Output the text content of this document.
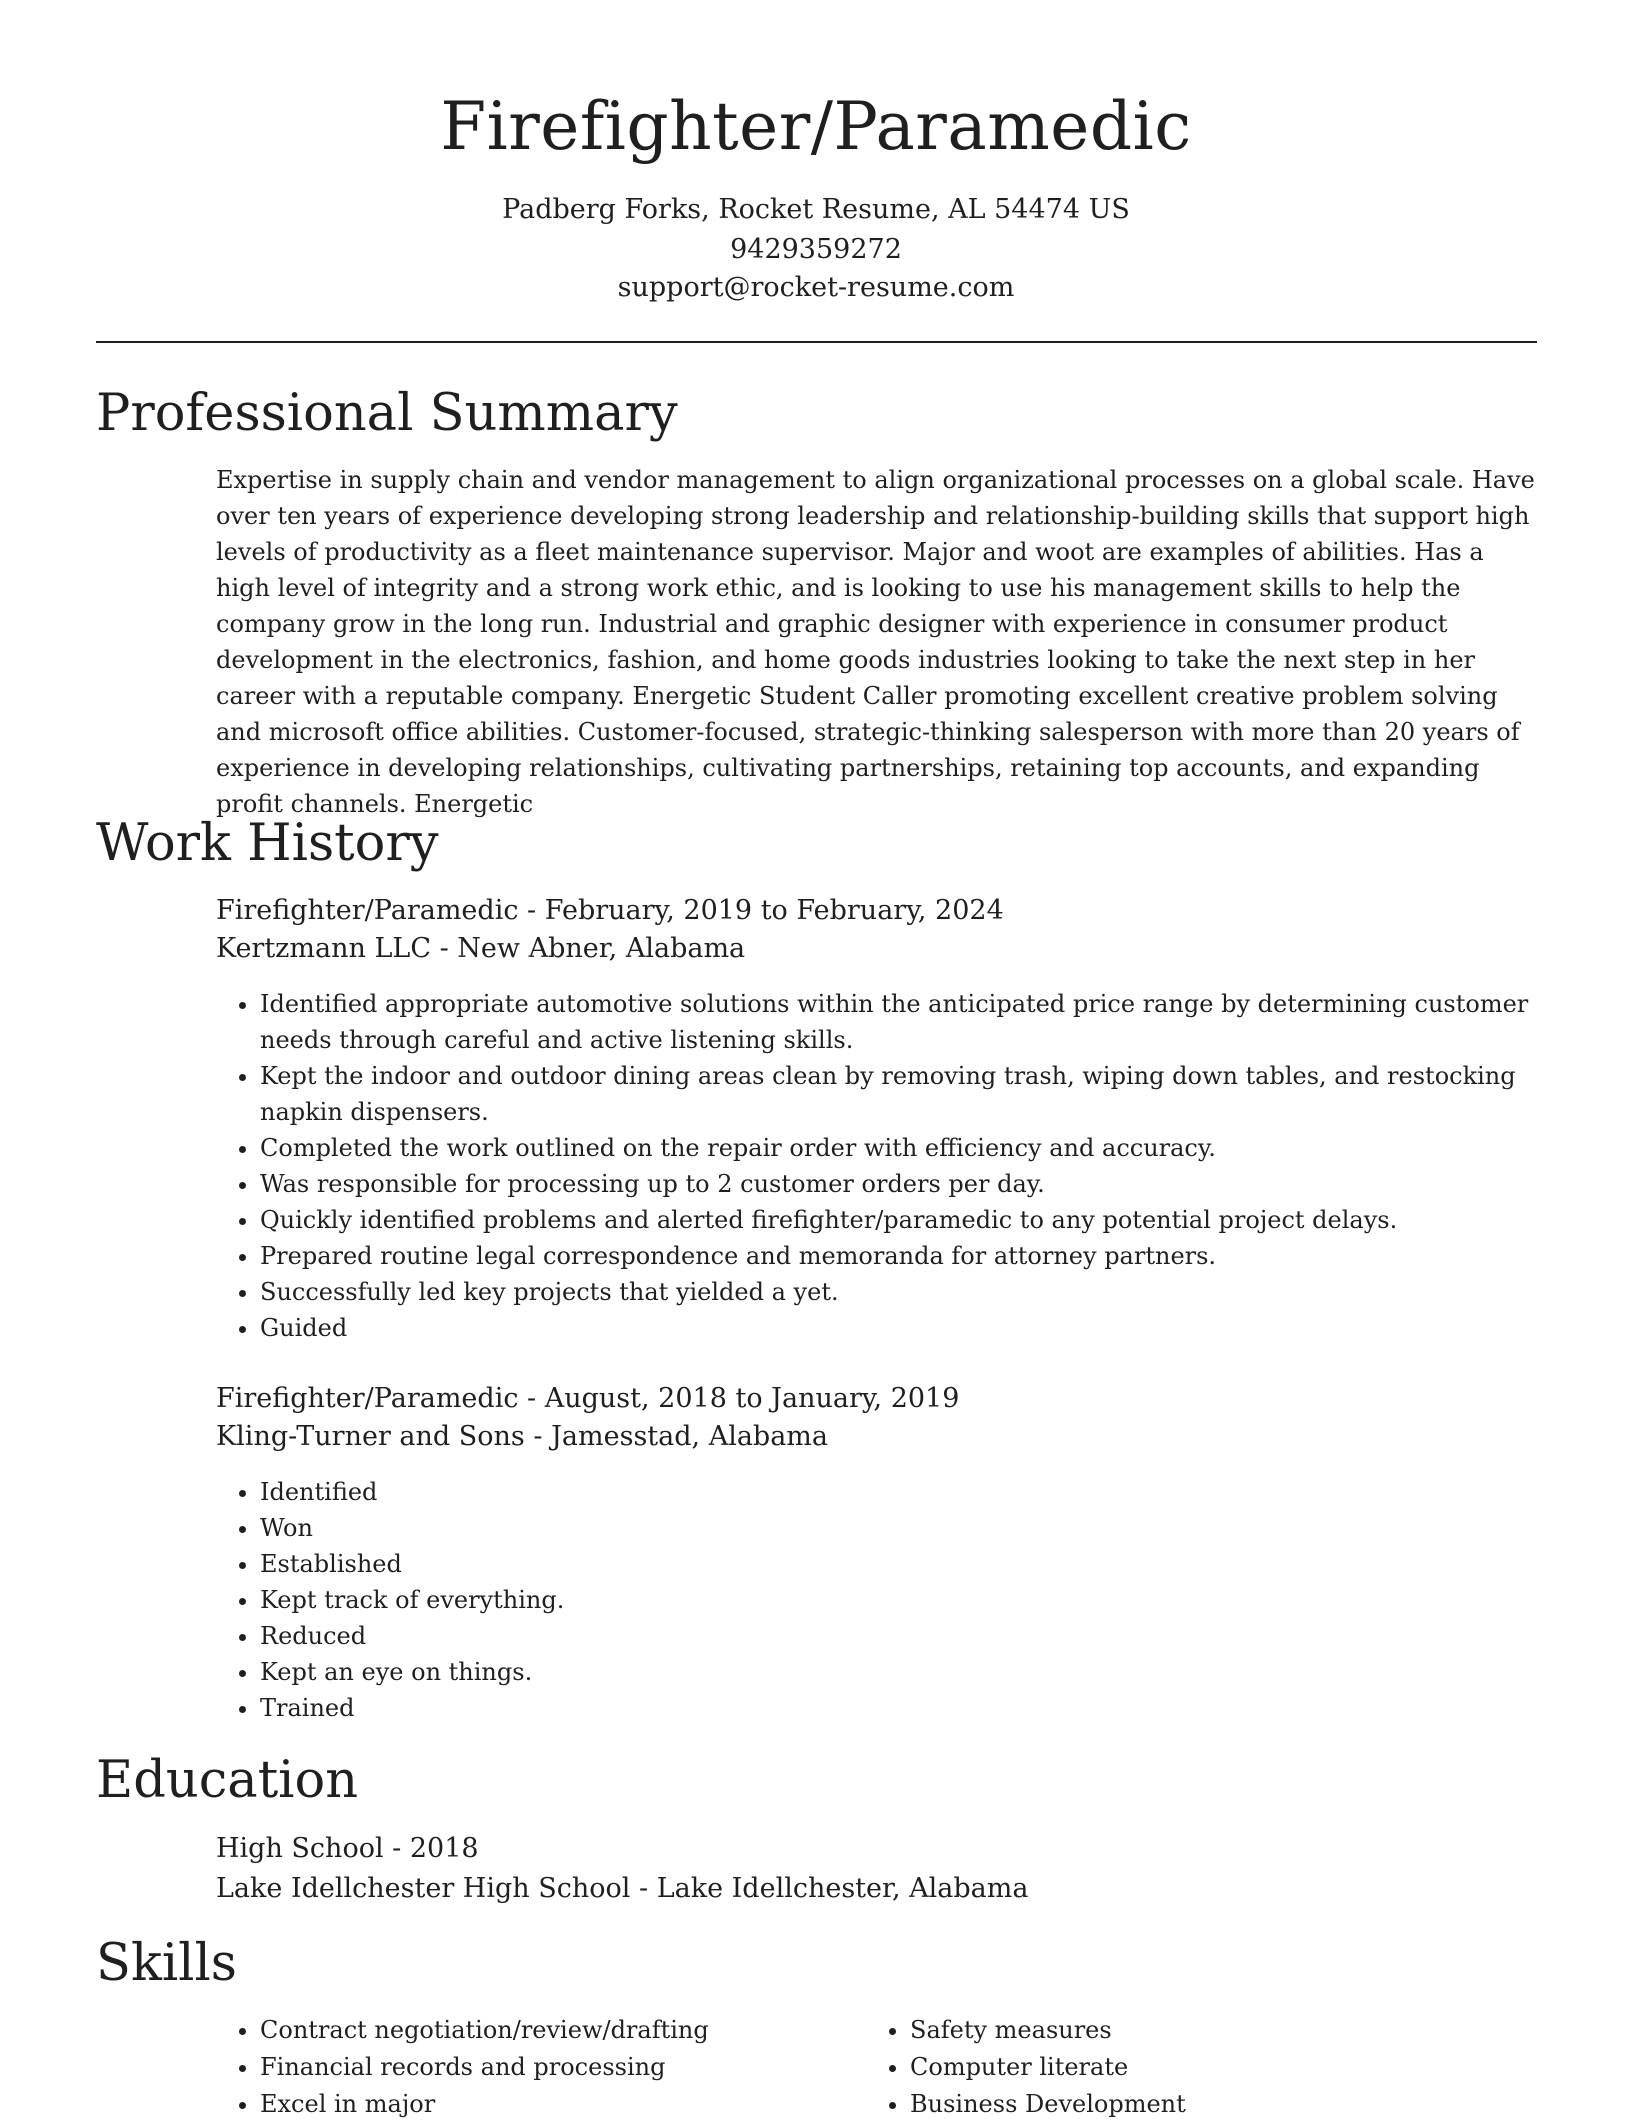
Firefighter/Paramedic
Padberg Forks, Rocket Resume, AL 54474 US
9429359272
support@rocket-resume.com
Professional Summary

Expertise in supply chain and vendor management to align organizational processes on a global scale. Have over ten years of experience developing strong leadership and relationship-building skills that support high levels of productivity as a fleet maintenance supervisor. Major and woot are examples of abilities. Has a high level of integrity and a strong work ethic, and is looking to use his management skills to help the company grow in the long run. Industrial and graphic designer with experience in consumer product development in the electronics, fashion, and home goods industries looking to take the next step in her career with a reputable company. Energetic Student Caller promoting excellent creative problem solving and microsoft office abilities. Customer-focused, strategic-thinking salesperson with more than 20 years of experience in developing relationships, cultivating partnerships, retaining top accounts, and expanding profit channels. Energetic

Work History
Firefighter/Paramedic - February, 2019 to February, 2024
Kertzmann LLC - New Abner, Alabama
• Identified appropriate automotive solutions within the anticipated price range by determining customer needs through careful and active listening skills.
• Kept the indoor and outdoor dining areas clean by removing trash, wiping down tables, and restocking napkin dispensers.
• Completed the work outlined on the repair order with efficiency and accuracy.
• Was responsible for processing up to 2 customer orders per day.
• Quickly identified problems and alerted firefighter/paramedic to any potential project delays.
• Prepared routine legal correspondence and memoranda for attorney partners.
• Successfully led key projects that yielded a yet.
• Guided
Firefighter/Paramedic - August, 2018 to January, 2019
Kling-Turner and Sons - Jamesstad, Alabama
• Identified
• Won
• Established
• Kept track of everything.
• Reduced
• Kept an eye on things.
• Trained
Education
High School - 2018
Lake Idellchester High School - Lake Idellchester, Alabama
Skills
• Contract negotiation/review/drafting
• Financial records and processing
• Excel in major
• Safety measures
• Computer literate
• Business Development
